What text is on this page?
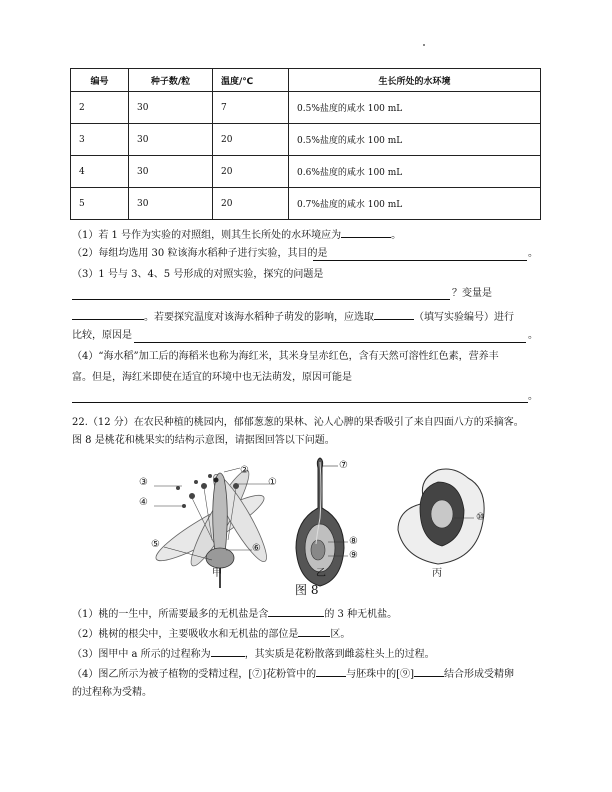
编号	种子数/粒	温度/℃	生长所处的水环境
2	30	7	0.5%盐度的咸水 100 mL
3	30	20	0.5%盐度的咸水 100 mL
4	30	20	0.6%盐度的咸水 100 mL
5	30	20	0.7%盐度的咸水 100 mL
（1）若 1 号作为实验的对照组，则其生长所处的水环境应为	。
（2）每组均选用 30 粒该海水稻种子进行实验，其目的是	。
（3）1 号与 3、4、5 号形成的对照实验，探究的问题是
？变量是
。若要探究温度对该海水稻种子萌发的影响，应选取	（填写实验编号）进行
比较，原因是	。
（4）“海水稻”加工后的海稻米也称为海红米，其米身呈赤红色，含有天然可溶性红色素，营养丰
富。但是，海红米即使在适宜的环境中也无法萌发，原因可能是
。
22.（12 分）在农民种植的桃园内，郁郁葱葱的果林、沁人心脾的果香吸引了来自四面八方的采摘客。
图 8 是桃花和桃果实的结构示意图，请据图回答以下问题。
③
④
⑤
①
②
⑥
⑦
⑧
⑨
⑩
甲	乙	丙
图 8
（1）桃的一生中，所需要最多的无机盐是含	的 3 种无机盐。
（2）桃树的根尖中，主要吸收水和无机盐的部位是	区。
（3）图甲中 a 所示的过程称为	，其实质是花粉散落到雌蕊柱头上的过程。
（4）图乙所示为被子植物的受精过程，[⑦]花粉管中的	与胚珠中的[⑨]	结合形成受精卵
的过程称为受精。
